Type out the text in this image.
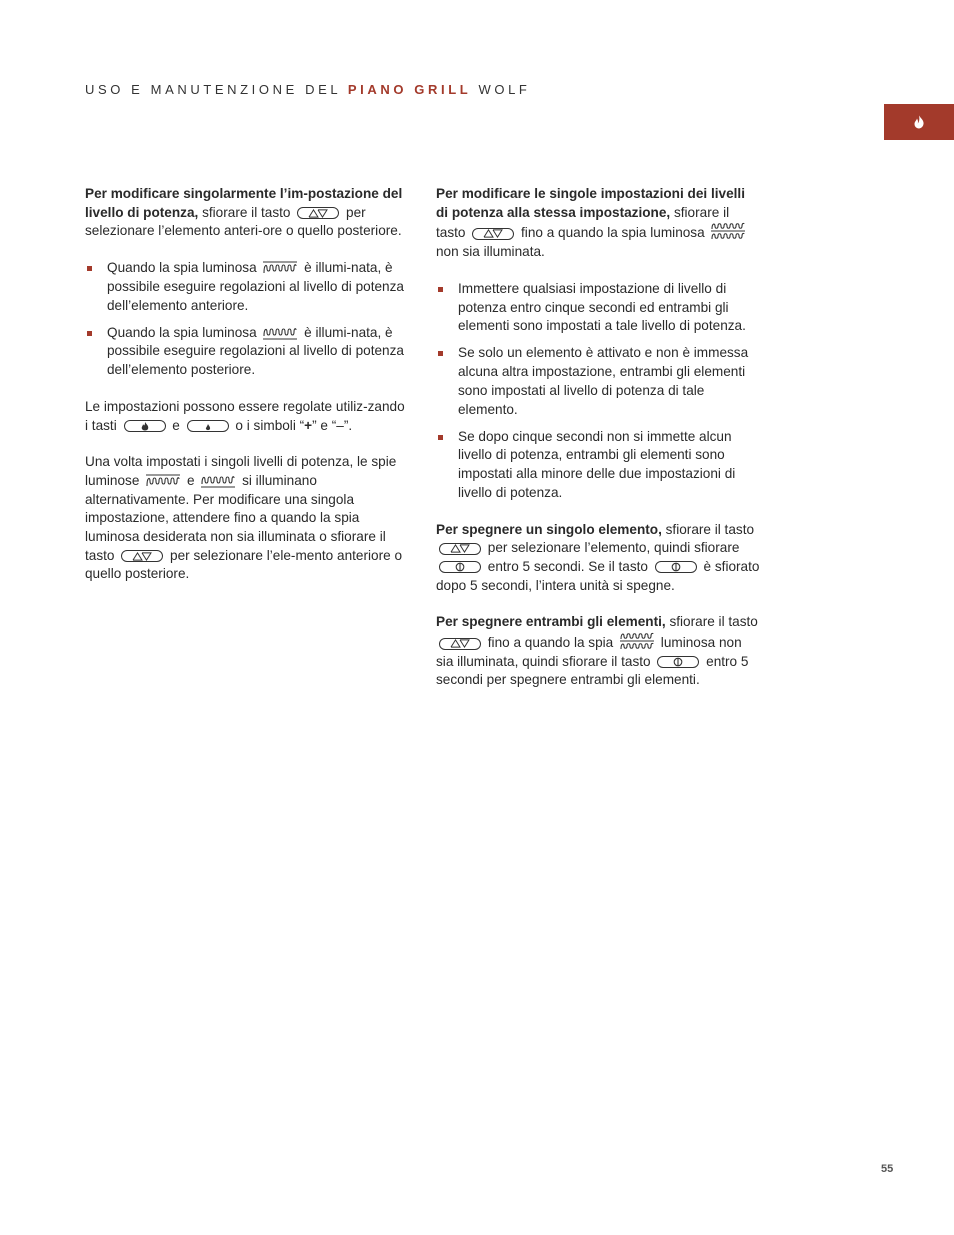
USO E MANUTENZIONE DEL PIANO GRILL WOLF

Per modificare singolarmente l’im-postazione del livello di potenza, sfiorare il tasto	per selezionare l’elemento anteri-ore o quello posteriore.

Quando la spia luminosa	è illumi-nata, è possibile eseguire regolazioni al livello di potenza dell’elemento anteriore.
Quando la spia luminosa	è illumi-nata, è possibile eseguire regolazioni al livello di potenza dell’elemento posteriore.

Le impostazioni possono essere regolate utiliz-zando i tasti	e	o i simboli “+” e “–”.

Una volta impostati i singoli livelli di potenza, le spie luminose	e	si illuminano alternativamente. Per modificare una singola impostazione, attendere fino a quando la spia luminosa desiderata non sia illuminata o sfiorare il tasto	per selezionare l’ele-mento anteriore o quello posteriore.

Per modificare le singole impostazioni dei livelli di potenza alla stessa impostazione, sfiorare il tasto	fino a quando la spia luminosa
non sia illuminata.

Immettere qualsiasi impostazione di livello di potenza entro cinque secondi ed entrambi gli elementi sono impostati a tale livello di potenza.
Se solo un elemento è attivato e non è immessa alcuna altra impostazione, entrambi gli elementi sono impostati al livello di potenza di tale elemento.
Se dopo cinque secondi non si immette alcun livello di potenza, entrambi gli elementi sono impostati alla minore delle due impostazioni di livello di potenza.

Per spegnere un singolo elemento, sfiorare il tasto
per selezionare l’elemento, quindi sfiorare
entro 5 secondi. Se il tasto	è sfiorato dopo 5 secondi, l’intera unità si spegne.

Per spegnere entrambi gli elementi, sfiorare il tasto
fino a quando la spia	luminosa non sia illuminata, quindi sfiorare il tasto	entro 5 secondi per spegnere entrambi gli elementi.

55
